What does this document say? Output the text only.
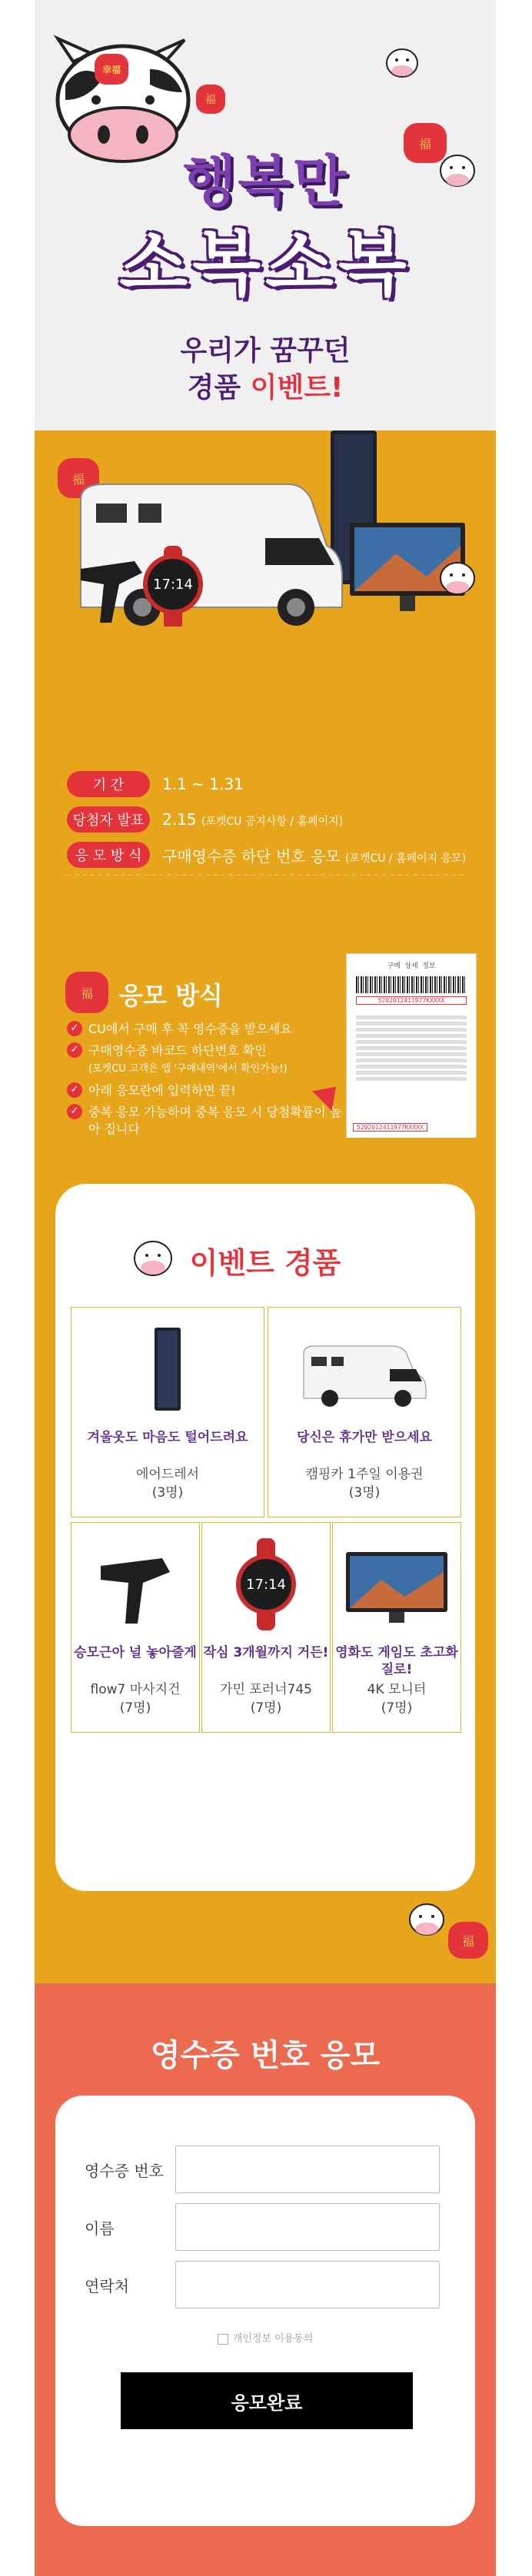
幸福
福
福
행복만
소복소복
우리가 꿈꾸던
경품 이벤트!
福
17:14
기 간	1.1 ~ 1.31
당첨자 발표	2.15 (포켓CU 공지사항 / 홈페이지)
응 모 방 식	구매영수증 하단 번호 응모 (포켓CU / 홈페이지 응모)
福	응모 방식
✓ CU에서 구매 후 꼭 영수증을 받으세요
✓ 구매영수증 바코드 하단번호 확인
(포켓CU 고객은 앱 '구매내역'에서 확인가능!)
✓ 아래 응모란에 입력하면 끝!
✓ 중복 응모 가능하며 중복 응모 시 당첨확률이 높아 집니다
구매 상세 정보
5202012411977KXXXX
5202012411977KXXXX
이벤트 경품
겨울옷도 마음도 털어드려요
에어드레서
(3명)
당신은 휴가만 받으세요
캠핑카 1주일 이용권
(3명)
승모근아 널 놓아줄게
flow7 마사지건
(7명)
17:14
작심 3개월까지 거든!
가민 포러너745
(7명)
영화도 게임도 초고화질로!
4K 모니터
(7명)
福
영수증 번호 응모
영수증 번호
이름
연락처
개인정보 이용동의
응모완료
